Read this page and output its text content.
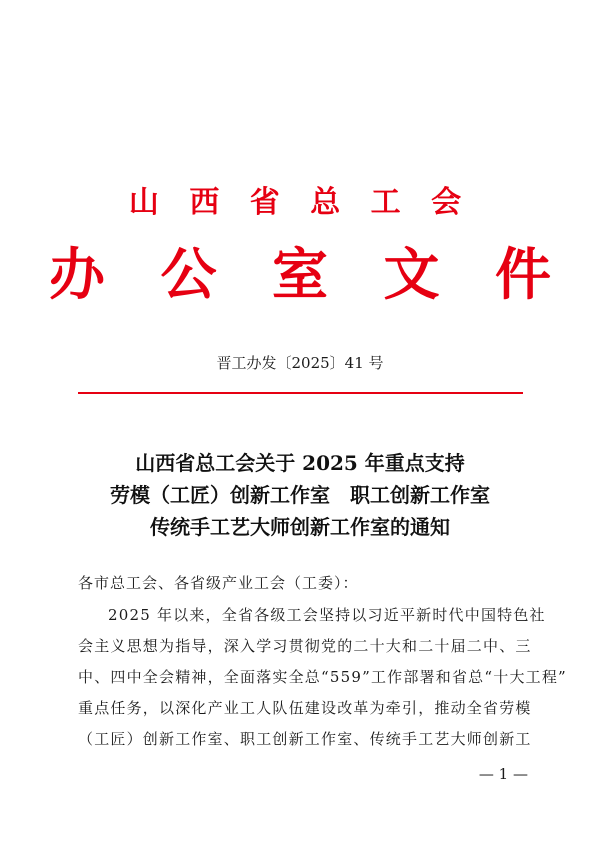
山 西 省 总 工 会
办 公 室 文 件
晋工办发〔2025〕41 号
山西省总工会关于 2025 年重点支持
劳模（工匠）创新工作室　职工创新工作室
传统手工艺大师创新工作室的通知
各市总工会、各省级产业工会（工委）：
2025 年以来，全省各级工会坚持以习近平新时代中国特色社
会主义思想为指导，深入学习贯彻党的二十大和二十届二中、三
中、四中全会精神，全面落实全总“559”工作部署和省总“十大工程”
重点任务，以深化产业工人队伍建设改革为牵引，推动全省劳模
（工匠）创新工作室、职工创新工作室、传统手工艺大师创新工
— 1 —
